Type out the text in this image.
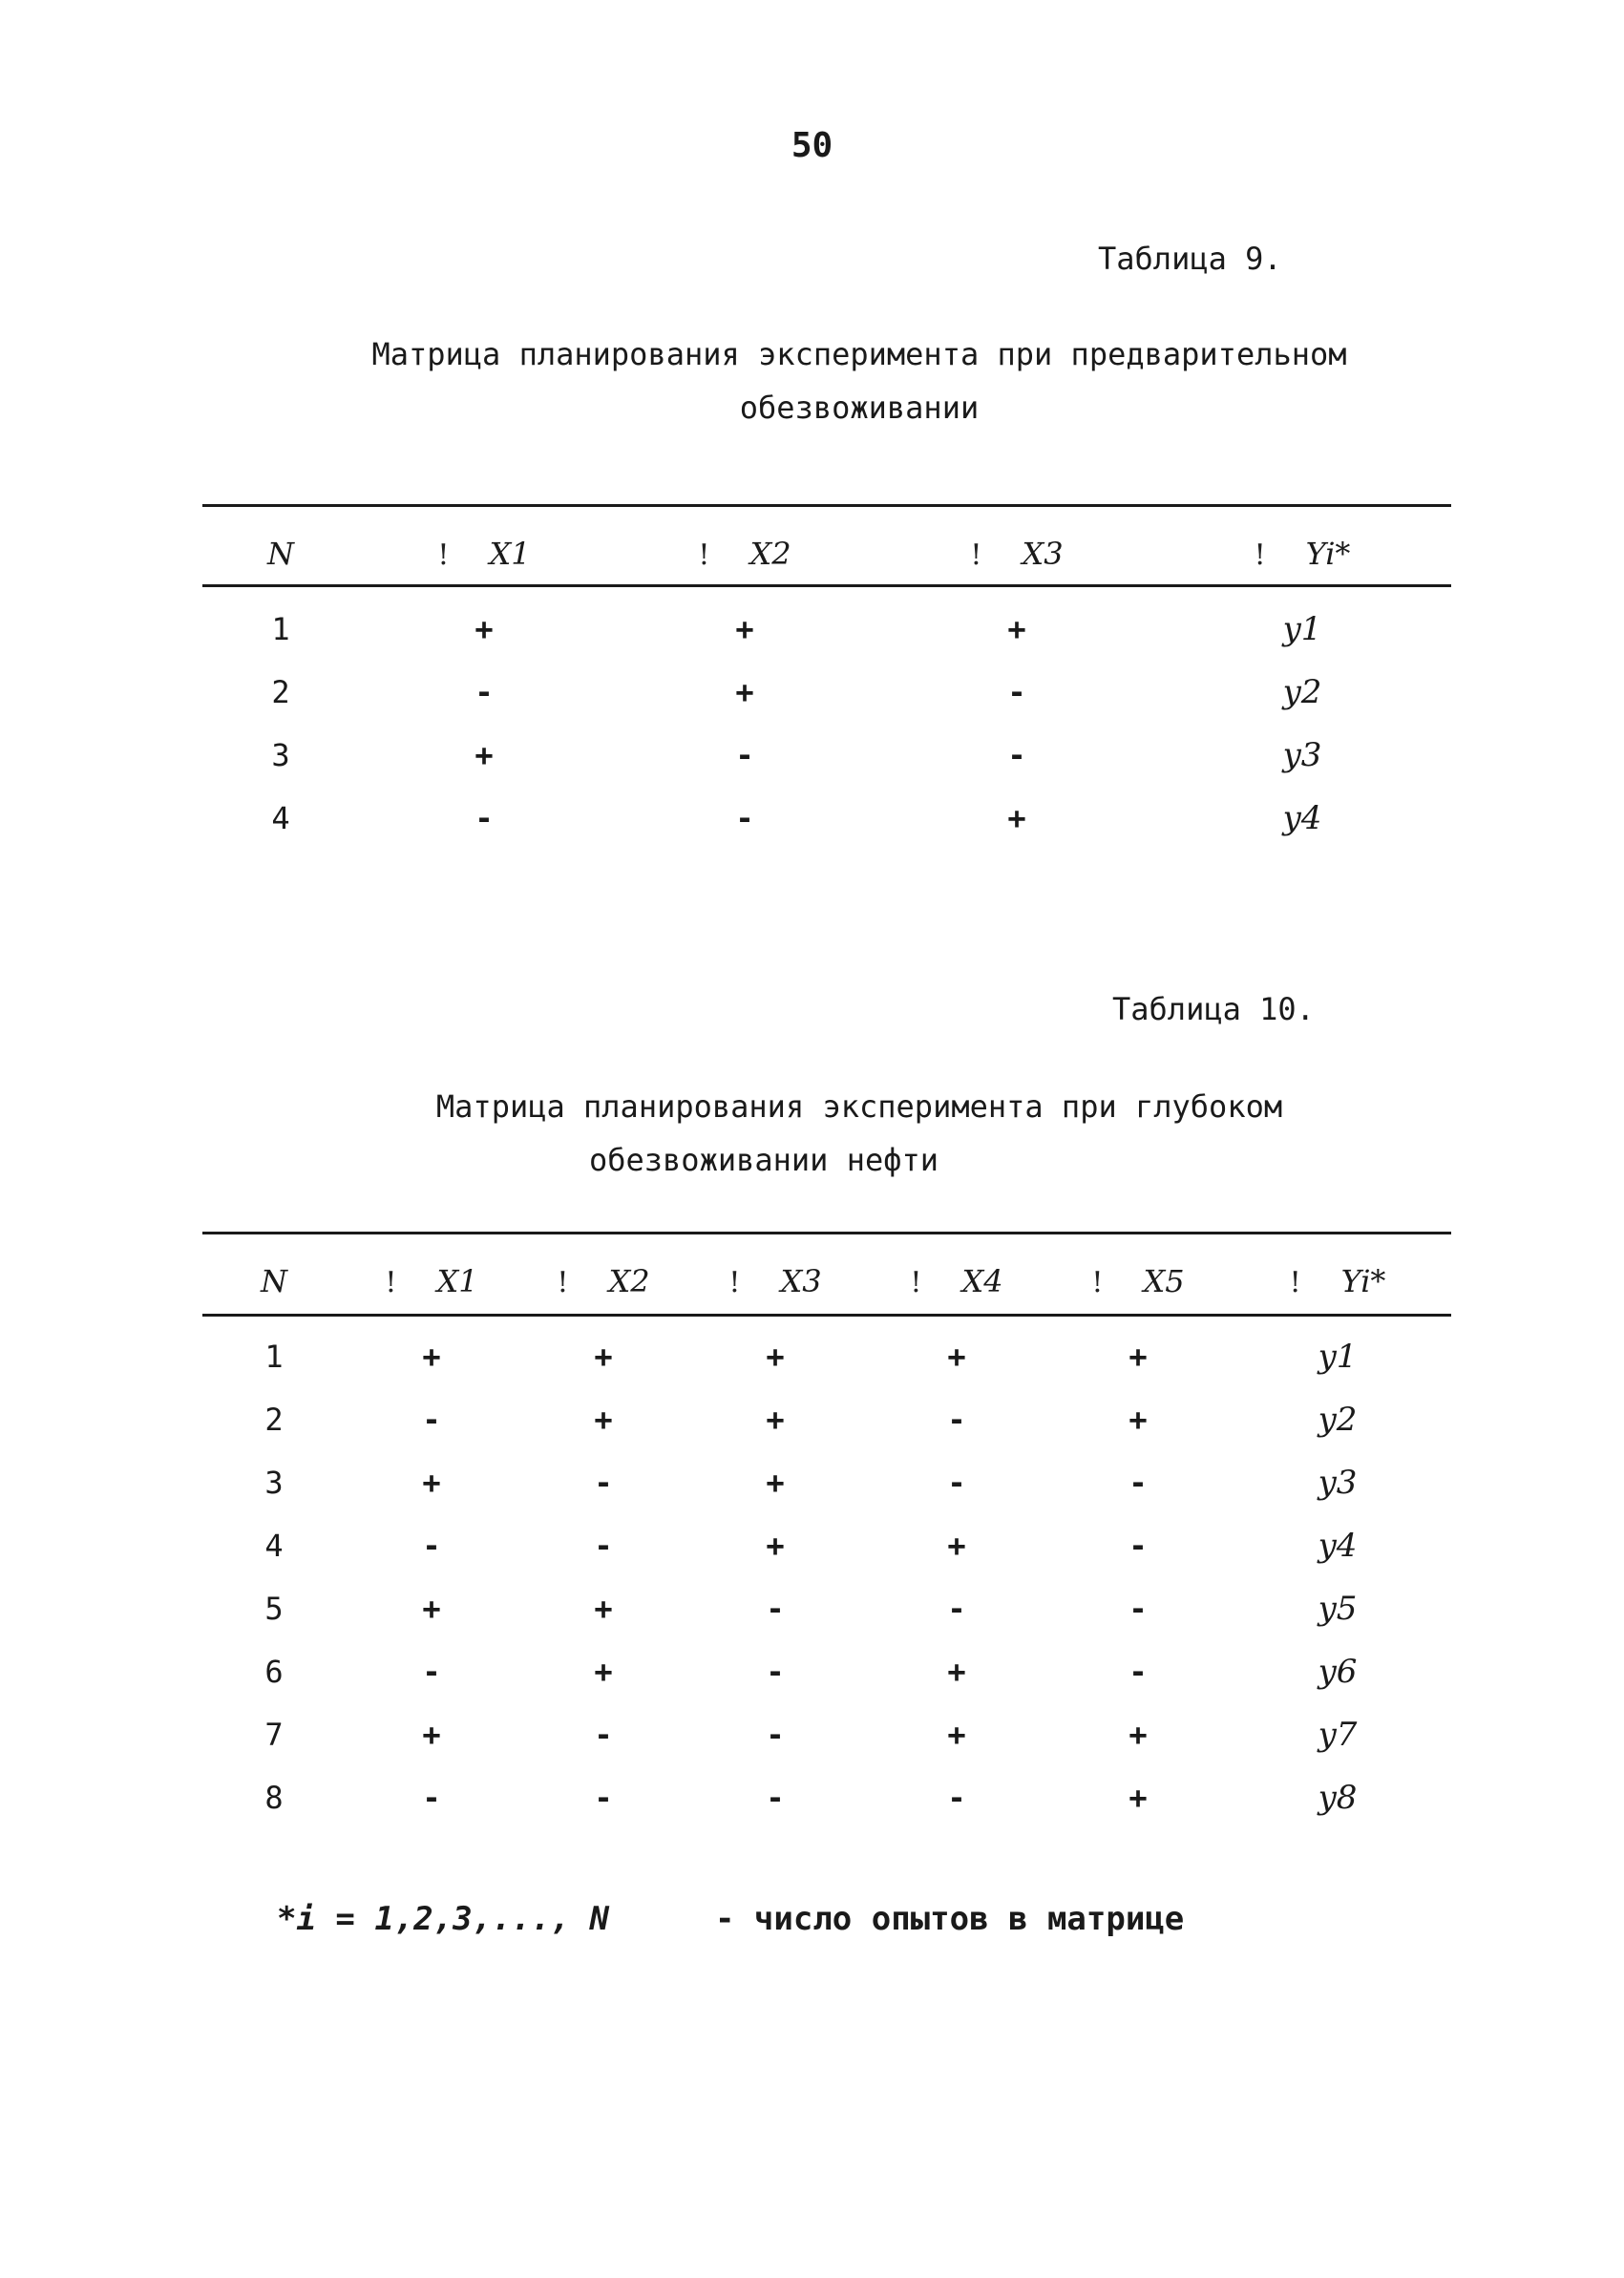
50
Таблица 9.
Матрица планирования эксперимента при предварительном
обезвоживании
N	! X1	! X2	! X3	! Yi*
1	+	+	+	y1
2	-	+	-	y2
3	+	-	-	y3
4	-	-	+	y4
Таблица 10.
Матрица планирования эксперимента при глубоком
обезвоживании нефти
N	! X1	! X2	! X3	! X4	! X5	! Yi*
1	+	+	+	+	+	y1
2	-	+	+	-	+	y2
3	+	-	+	-	-	y3
4	-	-	+	+	-	y4
5	+	+	-	-	-	y5
6	-	+	-	+	-	y6
7	+	-	-	+	+	y7
8	-	-	-	-	+	y8
*i = 1,2,3,..., N	- число опытов в матрице
